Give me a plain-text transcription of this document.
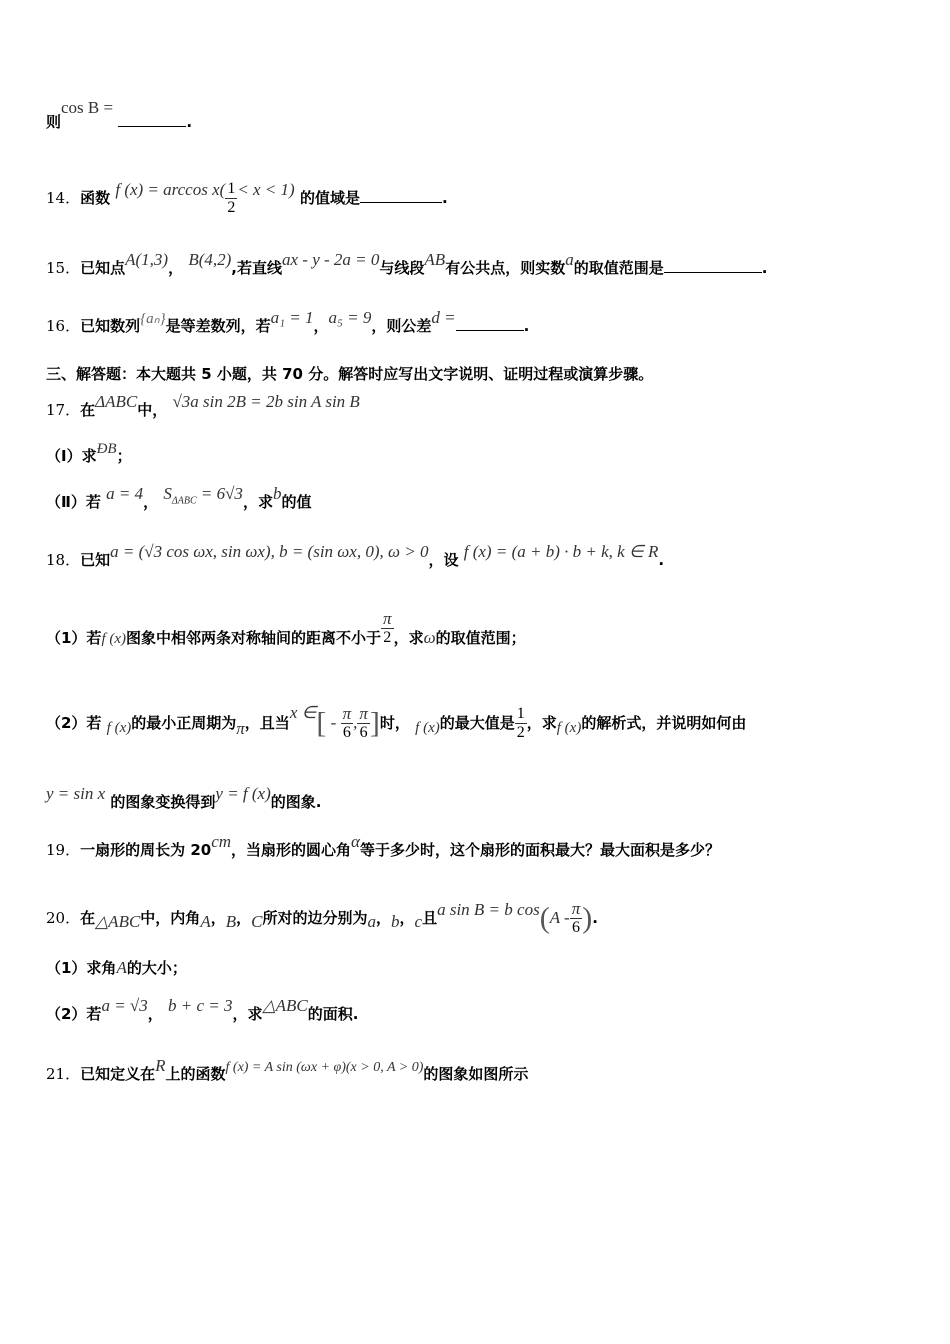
则cos B = .
14．函数 f $(x) = \arccos x( \frac{1}{2} < x < 1)$ 的值域是	.
15．已知点A(1,3)， B(4,2),若直线ax - y - 2a = 0与线段AB有公共点，则实数a的取值范围是	.
16．已知数列{aₙ}是等差数列，若a₁ = 1，a₅ = 9，则公差d =	.
三、解答题：本大题共 5 小题，共 70 分。解答时应写出文字说明、证明过程或演算步骤。
17．在ΔABC中， √3a sin 2B = 2b sin A sin B
（Ⅰ）求ÐB；
（Ⅱ）若 a = 4， $S_{\Delta ABC} = 6√3$，求b的值
18．已知a = (√3 cos ωx, sin ωx), b = (sin ωx, 0), ω > 0，设 f (x) = (a + b) · b + k, k ∈ R.
（1）若f (x)图象中相邻两条对称轴间的距离不小于 $\frac{\pi}{2}$ ，求ω的取值范围；
（2）若 f (x)的最小正周期为π，且当x ∈[ - $\frac{\pi}{6}$ , $\frac{\pi}{6}$ ]时， f (x)的最大值是 $\frac{1}{2}$ ，求f (x)的解析式，并说明如何由
y = sin x 的图象变换得到y = f (x)的图象.
19．一扇形的周长为 20cm，当扇形的圆心角α等于多少时，这个扇形的面积最大？最大面积是多少？
20．在△ABC中，内角A，B，C所对的边分别为a，b，c且a sin B = b $\cos(A - \frac{\pi}{6}$ ).
（1）求角A的大小；
（2）若a = √3， b + c = 3，求△ABC的面积.
21．已知定义在R上的函数f (x) = A sin (ωx + φ)(x > 0, A > 0)的图象如图所示
